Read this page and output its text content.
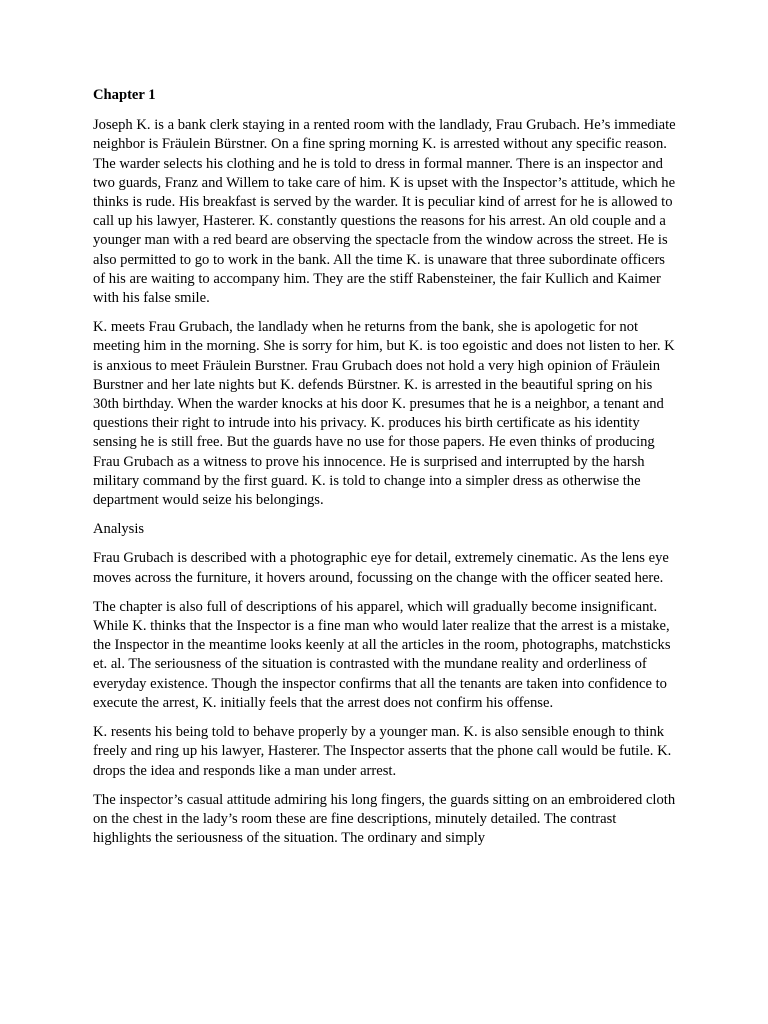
Chapter 1

Joseph K. is a bank clerk staying in a rented room with the landlady, Frau Grubach. He’s immediate neighbor is Fräulein Bürstner. On a fine spring morning K. is arrested without any specific reason. The warder selects his clothing and he is told to dress in formal manner. There is an inspector and two guards, Franz and Willem to take care of him. K is upset with the Inspector’s attitude, which he thinks is rude. His breakfast is served by the warder. It is peculiar kind of arrest for he is allowed to call up his lawyer, Hasterer. K. constantly questions the reasons for his arrest. An old couple and a younger man with a red beard are observing the spectacle from the window across the street. He is also permitted to go to work in the bank. All the time K. is unaware that three subordinate officers of his are waiting to accompany him. They are the stiff Rabensteiner, the fair Kullich and Kaimer with his false smile.

K. meets Frau Grubach, the landlady when he returns from the bank, she is apologetic for not meeting him in the morning. She is sorry for him, but K. is too egoistic and does not listen to her. K is anxious to meet Fräulein Burstner. Frau Grubach does not hold a very high opinion of Fräulein Burstner and her late nights but K. defends Bürstner. K. is arrested in the beautiful spring on his 30th birthday. When the warder knocks at his door K. presumes that he is a neighbor, a tenant and questions their right to intrude into his privacy. K. produces his birth certificate as his identity sensing he is still free. But the guards have no use for those papers. He even thinks of producing Frau Grubach as a witness to prove his innocence. He is surprised and interrupted by the harsh military command by the first guard. K. is told to change into a simpler dress as otherwise the department would seize his belongings.

Analysis

Frau Grubach is described with a photographic eye for detail, extremely cinematic. As the lens eye moves across the furniture, it hovers around, focussing on the change with the officer seated here.

The chapter is also full of descriptions of his apparel, which will gradually become insignificant. While K. thinks that the Inspector is a fine man who would later realize that the arrest is a mistake, the Inspector in the meantime looks keenly at all the articles in the room, photographs, matchsticks et. al. The seriousness of the situation is contrasted with the mundane reality and orderliness of everyday existence. Though the inspector confirms that all the tenants are taken into confidence to execute the arrest, K. initially feels that the arrest does not confirm his offense.

K. resents his being told to behave properly by a younger man. K. is also sensible enough to think freely and ring up his lawyer, Hasterer. The Inspector asserts that the phone call would be futile. K. drops the idea and responds like a man under arrest.

The inspector’s casual attitude admiring his long fingers, the guards sitting on an embroidered cloth on the chest in the lady’s room these are fine descriptions, minutely detailed. The contrast highlights the seriousness of the situation. The ordinary and simply
